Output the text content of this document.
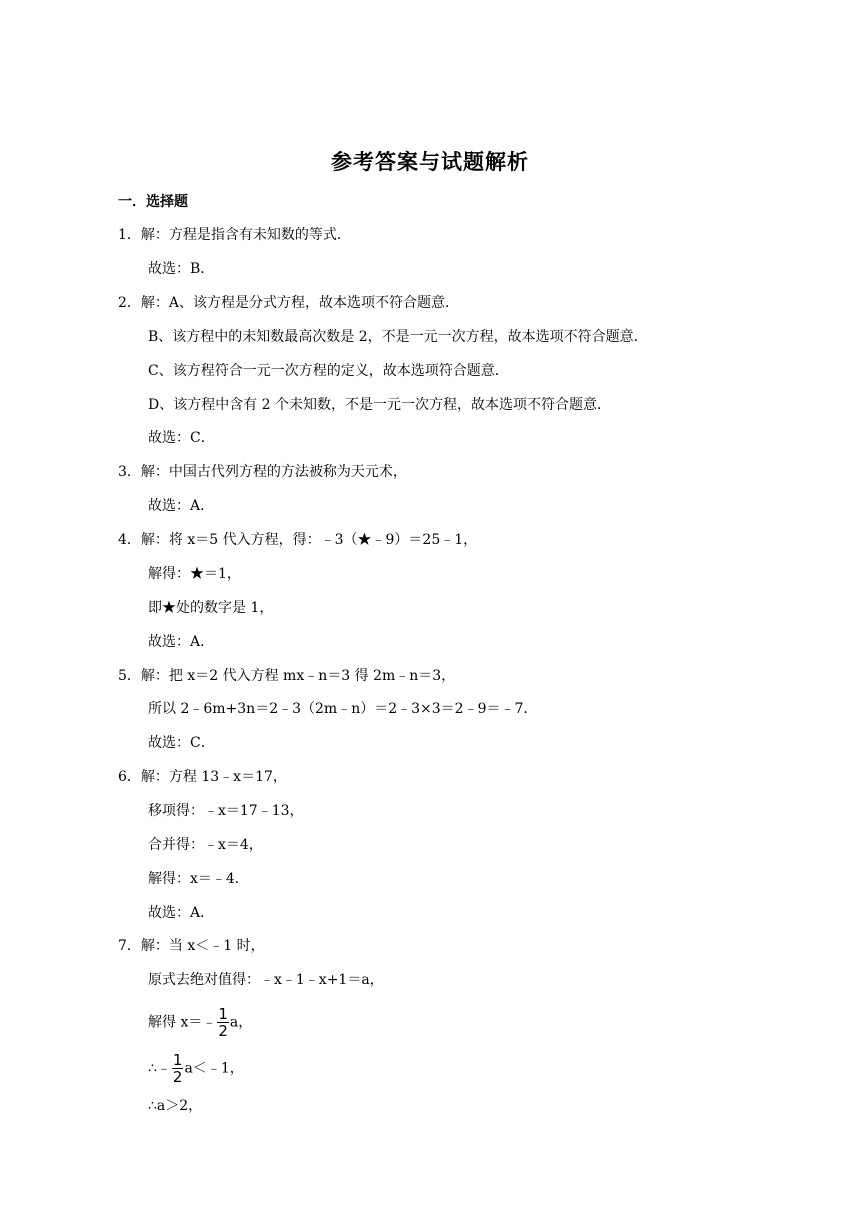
参考答案与试题解析
一．选择题
1．解：方程是指含有未知数的等式．
故选：B．
2．解：A、该方程是分式方程，故本选项不符合题意．
B、该方程中的未知数最高次数是 2，不是一元一次方程，故本选项不符合题意．
C、该方程符合一元一次方程的定义，故本选项符合题意．
D、该方程中含有 2 个未知数，不是一元一次方程，故本选项不符合题意．
故选：C．
3．解：中国古代列方程的方法被称为天元术，
故选：A．
4．解：将 x＝5 代入方程，得：﹣3（★﹣9）＝25﹣1，
解得：★＝1，
即★处的数字是 1，
故选：A．
5．解：把 x＝2 代入方程 mx﹣n＝3 得 2m﹣n＝3，
所以 2﹣6m+3n＝2﹣3（2m﹣n）＝2﹣3×3＝2﹣9＝﹣7．
故选：C．
6．解：方程 13﹣x＝17，
移项得：﹣x＝17﹣13，
合并得：﹣x＝4，
解得：x＝﹣4．
故选：A．
7．解：当 x＜﹣1 时，
原式去绝对值得：﹣x﹣1﹣x+1＝a，
解得 x＝﹣ $\frac{1}{2}$ a，
∴﹣ $\frac{1}{2}$ a＜﹣1，
∴a＞2，
